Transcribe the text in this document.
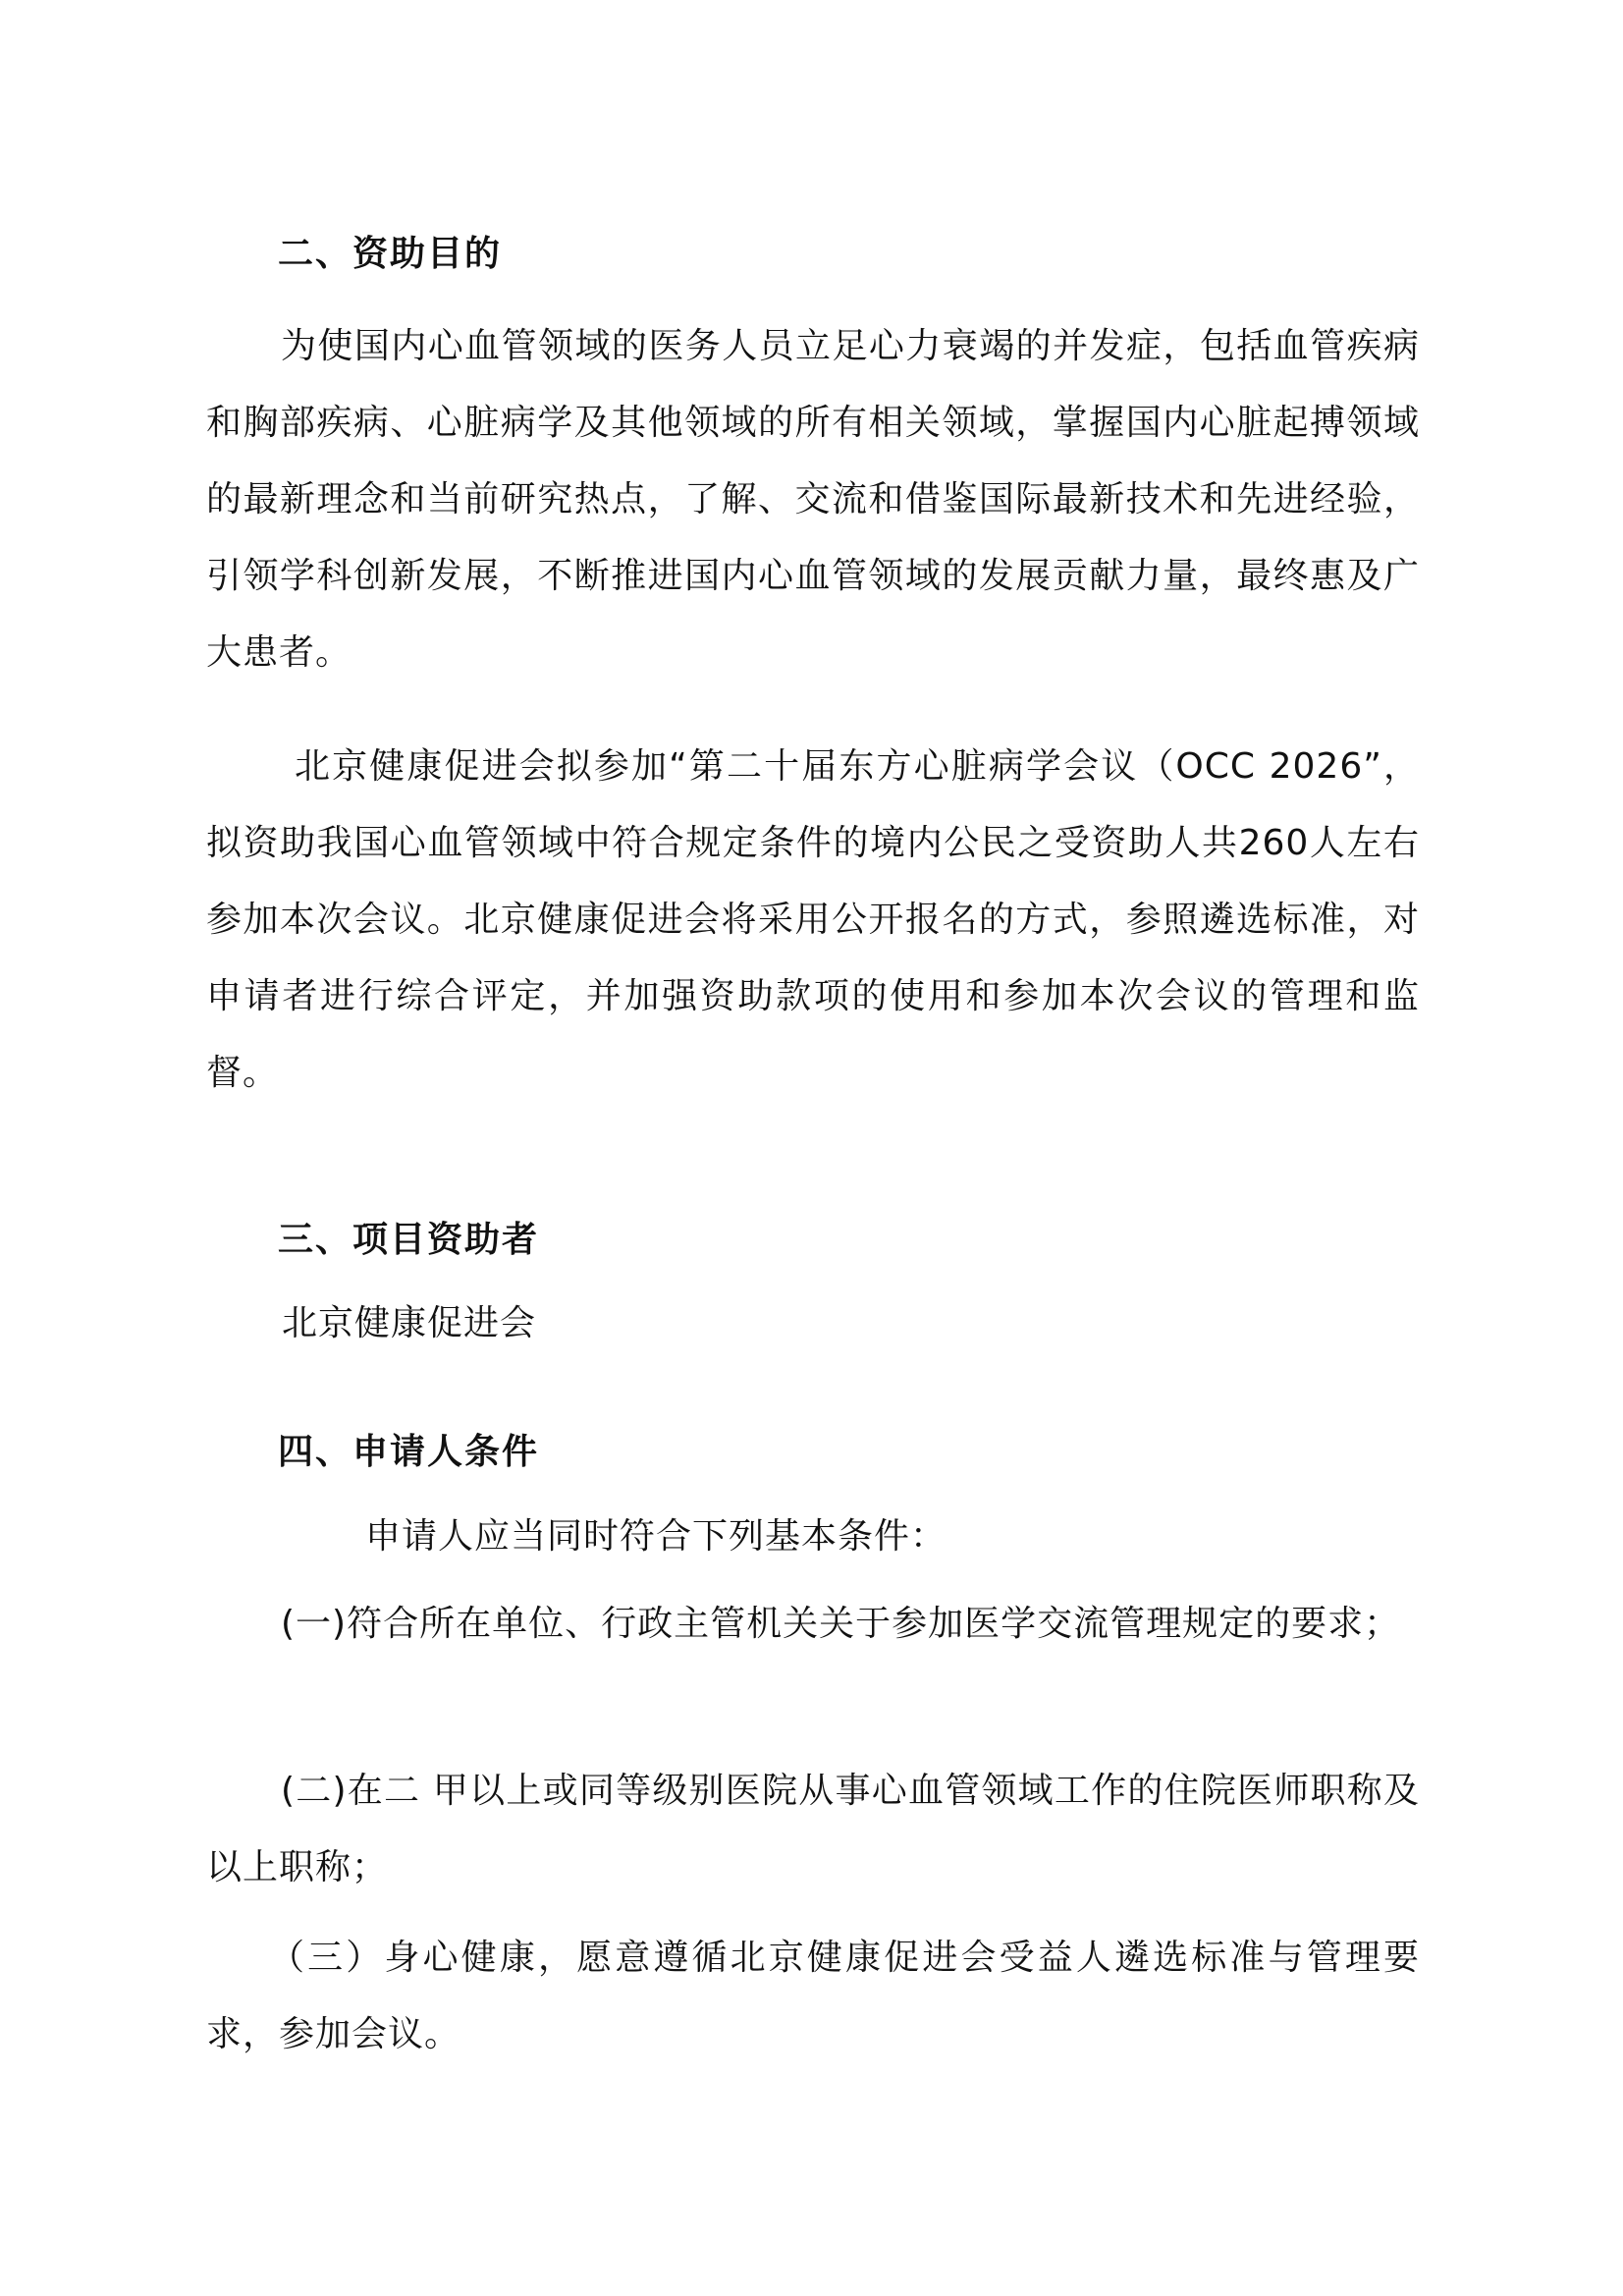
二、资助目的

为使国内心血管领域的医务人员立足心力衰竭的并发症，包括血管疾病和胸部疾病、心脏病学及其他领域的所有相关领域，掌握国内心脏起搏领域的最新理念和当前研究热点，了解、交流和借鉴国际最新技术和先进经验，引领学科创新发展，不断推进国内心血管领域的发展贡献力量，最终惠及广大患者。

北京健康促进会拟参加“第二十届东方心脏病学会议（OCC 2026”，拟资助我国心血管领域中符合规定条件的境内公民之受资助人共260人左右参加本次会议。北京健康促进会将采用公开报名的方式，参照遴选标准，对申请者进行综合评定，并加强资助款项的使用和参加本次会议的管理和监督。

三、项目资助者

北京健康促进会

四、申请人条件

申请人应当同时符合下列基本条件：

(一)符合所在单位、行政主管机关关于参加医学交流管理规定的要求；

(二)在二 甲以上或同等级别医院从事心血管领域工作的住院医师职称及以上职称；

（三）身心健康，愿意遵循北京健康促进会受益人遴选标准与管理要求，参加会议。
